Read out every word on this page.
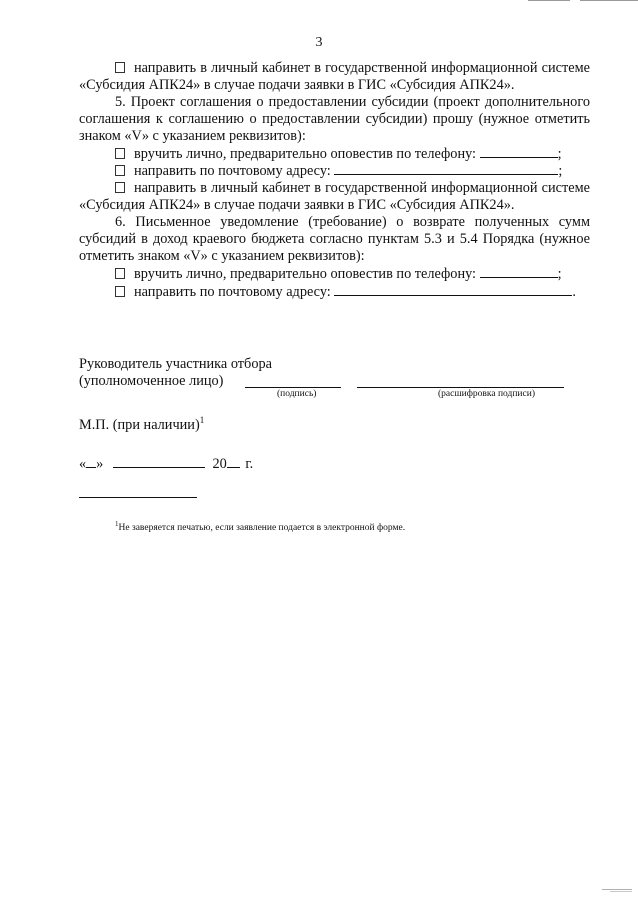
3

направить в личный кабинет в государственной информационной системе «Субсидия АПК24» в случае подачи заявки в ГИС «Субсидия АПК24».

5. Проект соглашения о предоставлении субсидии (проект дополнительного соглашения к соглашению о предоставлении субсидии) прошу (нужное отметить знаком «V» с указанием реквизитов):

вручить лично, предварительно оповестив по телефону:	;

направить по почтовому адресу:	;

направить в личный кабинет в государственной информационной системе «Субсидия АПК24» в случае подачи заявки в ГИС «Субсидия АПК24».

6. Письменное уведомление (требование) о возврате полученных сумм субсидий в доход краевого бюджета согласно пунктам 5.3 и 5.4 Порядка (нужное отметить знаком «V» с указанием реквизитов):

вручить лично, предварительно оповестив по телефону:	;

направить по почтовому адресу:	.

Руководитель участника отбора
(уполномоченное лицо)
(подпись)	(расшифровка подписи)
М.П. (при наличии)$^1$
« »	20 г.
$^1$Не заверяется печатью, если заявление подается в электронной форме.
